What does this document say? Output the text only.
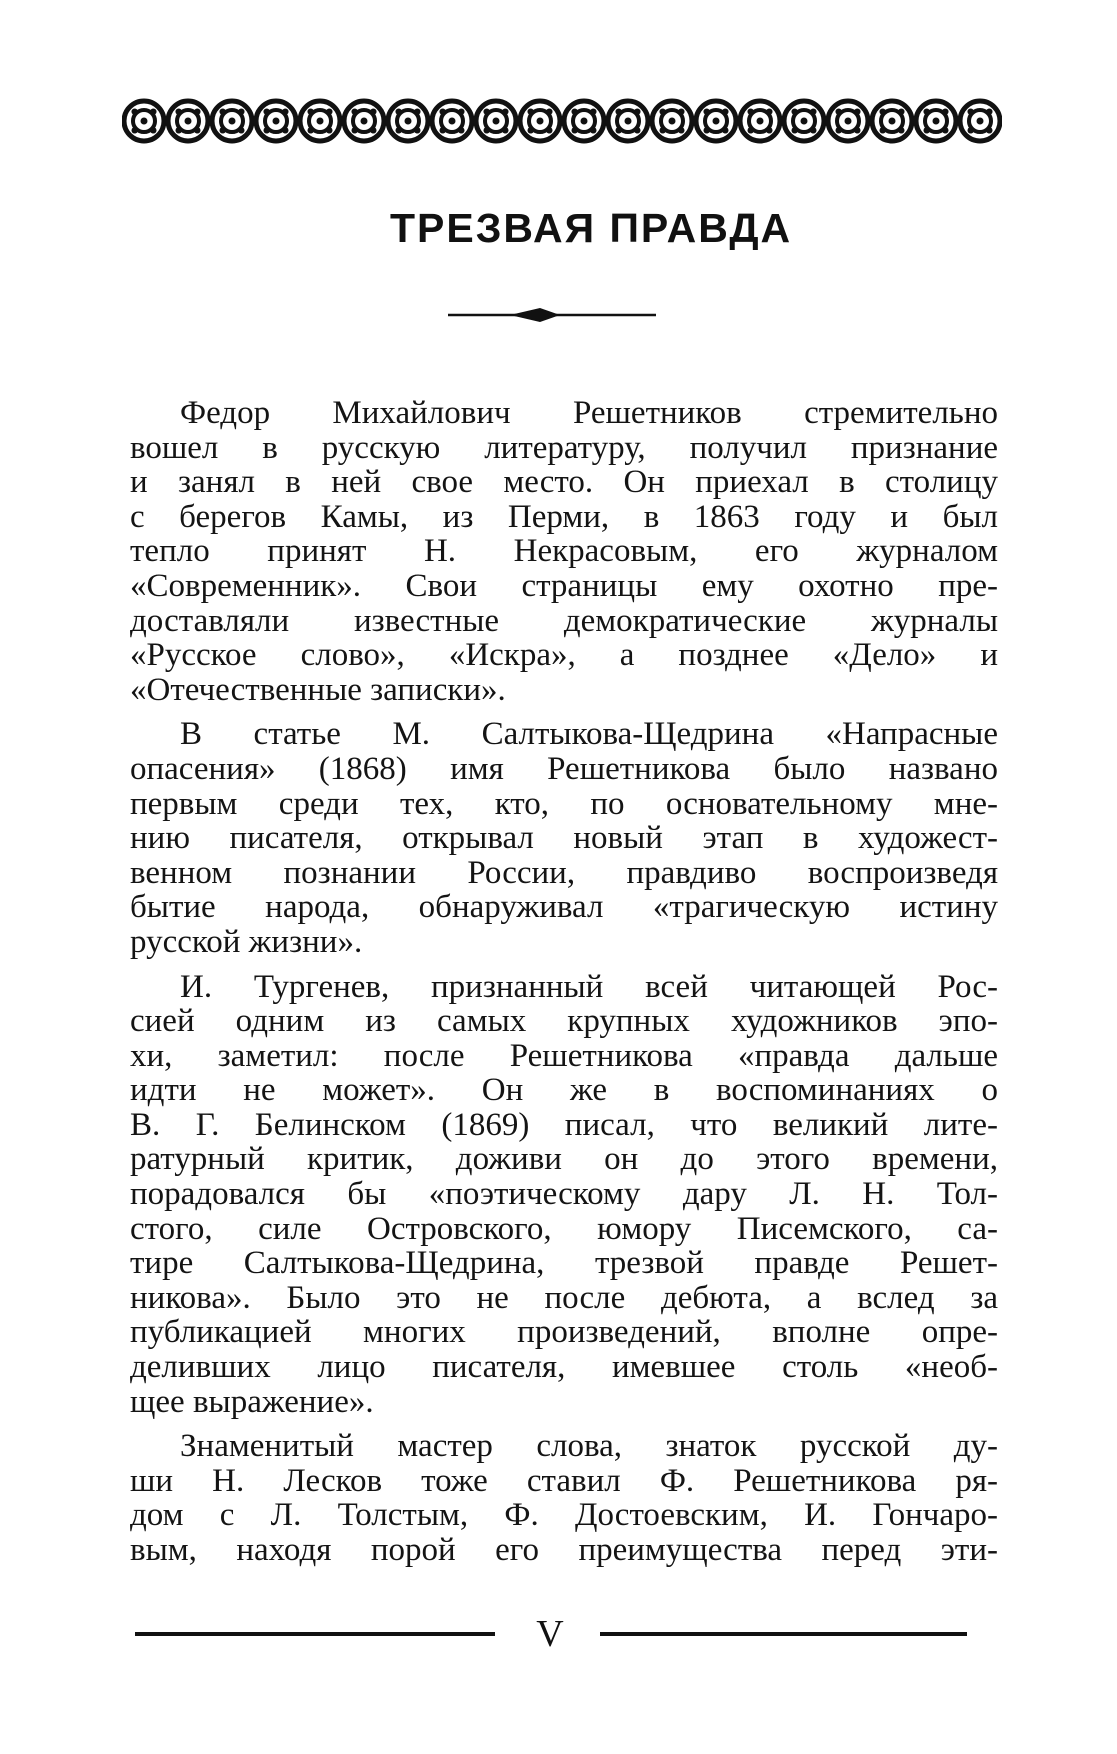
ТРЕЗВАЯ ПРАВДА
Федор Михайлович Решетников стремительно
вошел в русскую литературу, получил признание
и занял в ней свое место. Он приехал в столицу
с берегов Камы, из Перми, в 1863 году и был
тепло принят Н. Некрасовым, его журналом
«Современник». Свои страницы ему охотно пре-
доставляли известные демократические журналы
«Русское слово», «Искра», а позднее «Дело» и
«Отечественные записки».
В статье М. Салтыкова-Щедрина «Напрасные
опасения» (1868) имя Решетникова было названо
первым среди тех, кто, по основательному мне-
нию писателя, открывал новый этап в художест-
венном познании России, правдиво воспроизведя
бытие народа, обнаруживал «трагическую истину
русской жизни».
И. Тургенев, признанный всей читающей Рос-
сией одним из самых крупных художников эпо-
хи, заметил: после Решетникова «правда дальше
идти не может». Он же в воспоминаниях о
В. Г. Белинском (1869) писал, что великий лите-
ратурный критик, доживи он до этого времени,
порадовался бы «поэтическому дару Л. Н. Тол-
стого, силе Островского, юмору Писемского, са-
тире Салтыкова-Щедрина, трезвой правде Решет-
никова». Было это не после дебюта, а вслед за
публикацией многих произведений, вполне опре-
деливших лицо писателя, имевшее столь «необ-
щее выражение».
Знаменитый мастер слова, знаток русской ду-
ши Н. Лесков тоже ставил Ф. Решетникова ря-
дом с Л. Толстым, Ф. Достоевским, И. Гончаро-
вым, находя порой его преимущества перед эти-
V
